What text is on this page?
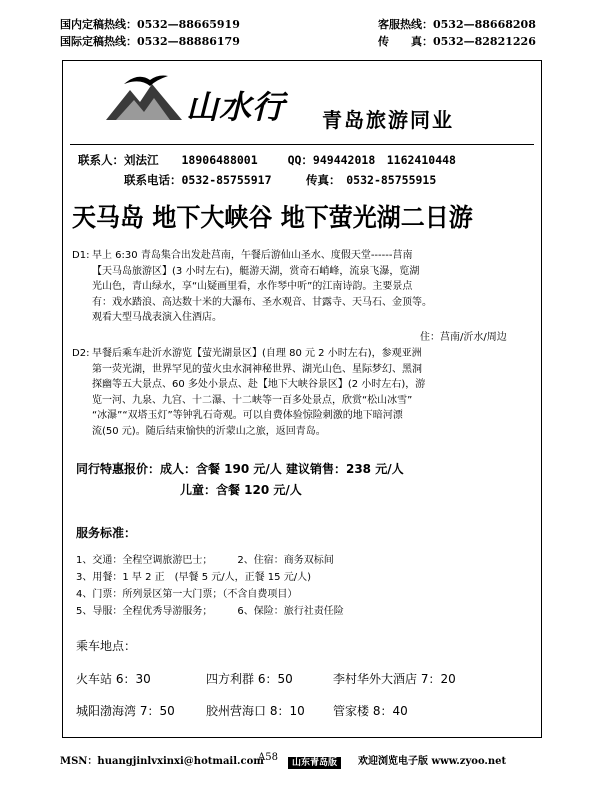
国内定稿热线：0532—88665919
国际定稿热线：0532—88886179
客服热线：0532—88668208
传　　真：0532—82821226
山水行 青岛旅游同业
联系人：刘法江　　18906488001　　 QQ：949442018　1162410448
联系电话：0532-85755917　　　传真：　0532-85755915
天马岛 地下大峡谷 地下萤光湖二日游
D1: 早上 6:30 青岛集合出发赴莒南，午餐后游仙山圣水、度假天堂------莒南
【天马岛旅游区】(3 小时左右)，艇游天湖，赏奇石峭峰，流泉飞瀑，览湖
光山色，青山绿水，享“山疑画里看，水作琴中听”的江南诗韵。主要景点
有：戏水踏浪、高达数十米的大瀑布、圣水观音、甘露寺、天马石、金顶等。
观看大型马战表演入住酒店。
住：莒南/沂水/周边
D2: 早餐后乘车赴沂水游览【萤光湖景区】(自理 80 元 2 小时左右)，参观亚洲
第一荧光湖，世界罕见的萤火虫水洞神秘世界、湖光山色、星际梦幻、黑洞
探幽等五大景点、60 多处小景点、赴【地下大峡谷景区】(2 小时左右)，游
览一河、九泉、九宫、十二瀑、十二峡等一百多处景点，欣赏“松山冰雪”
“冰瀑”“双塔玉灯”等钟乳石奇观。可以自费体验惊险刺激的地下暗河漂
流(50 元)。随后结束愉快的沂蒙山之旅，返回青岛。
同行特惠报价：成人：含餐 190 元/人 建议销售：238 元/人
儿童：含餐 120 元/人
服务标准：
1、交通：全程空调旅游巴士；　　　2、住宿：商务双标间
3、用餐：1 早 2 正　(早餐 5 元/人，正餐 15 元/人)
4、门票：所列景区第一大门票；（不含自费项目）
5、导服：全程优秀导游服务；　　　6、保险：旅行社责任险
乘车地点：
火车站 6：30	四方利群 6：50	李村华外大酒店 7：20
城阳渤海湾 7：50	胶州营海口 8：10 管家楼 8：40
MSN：huangjinlvxinxi@hotmail.com
A58	山东青岛版	欢迎浏览电子版 www.zyoo.net
